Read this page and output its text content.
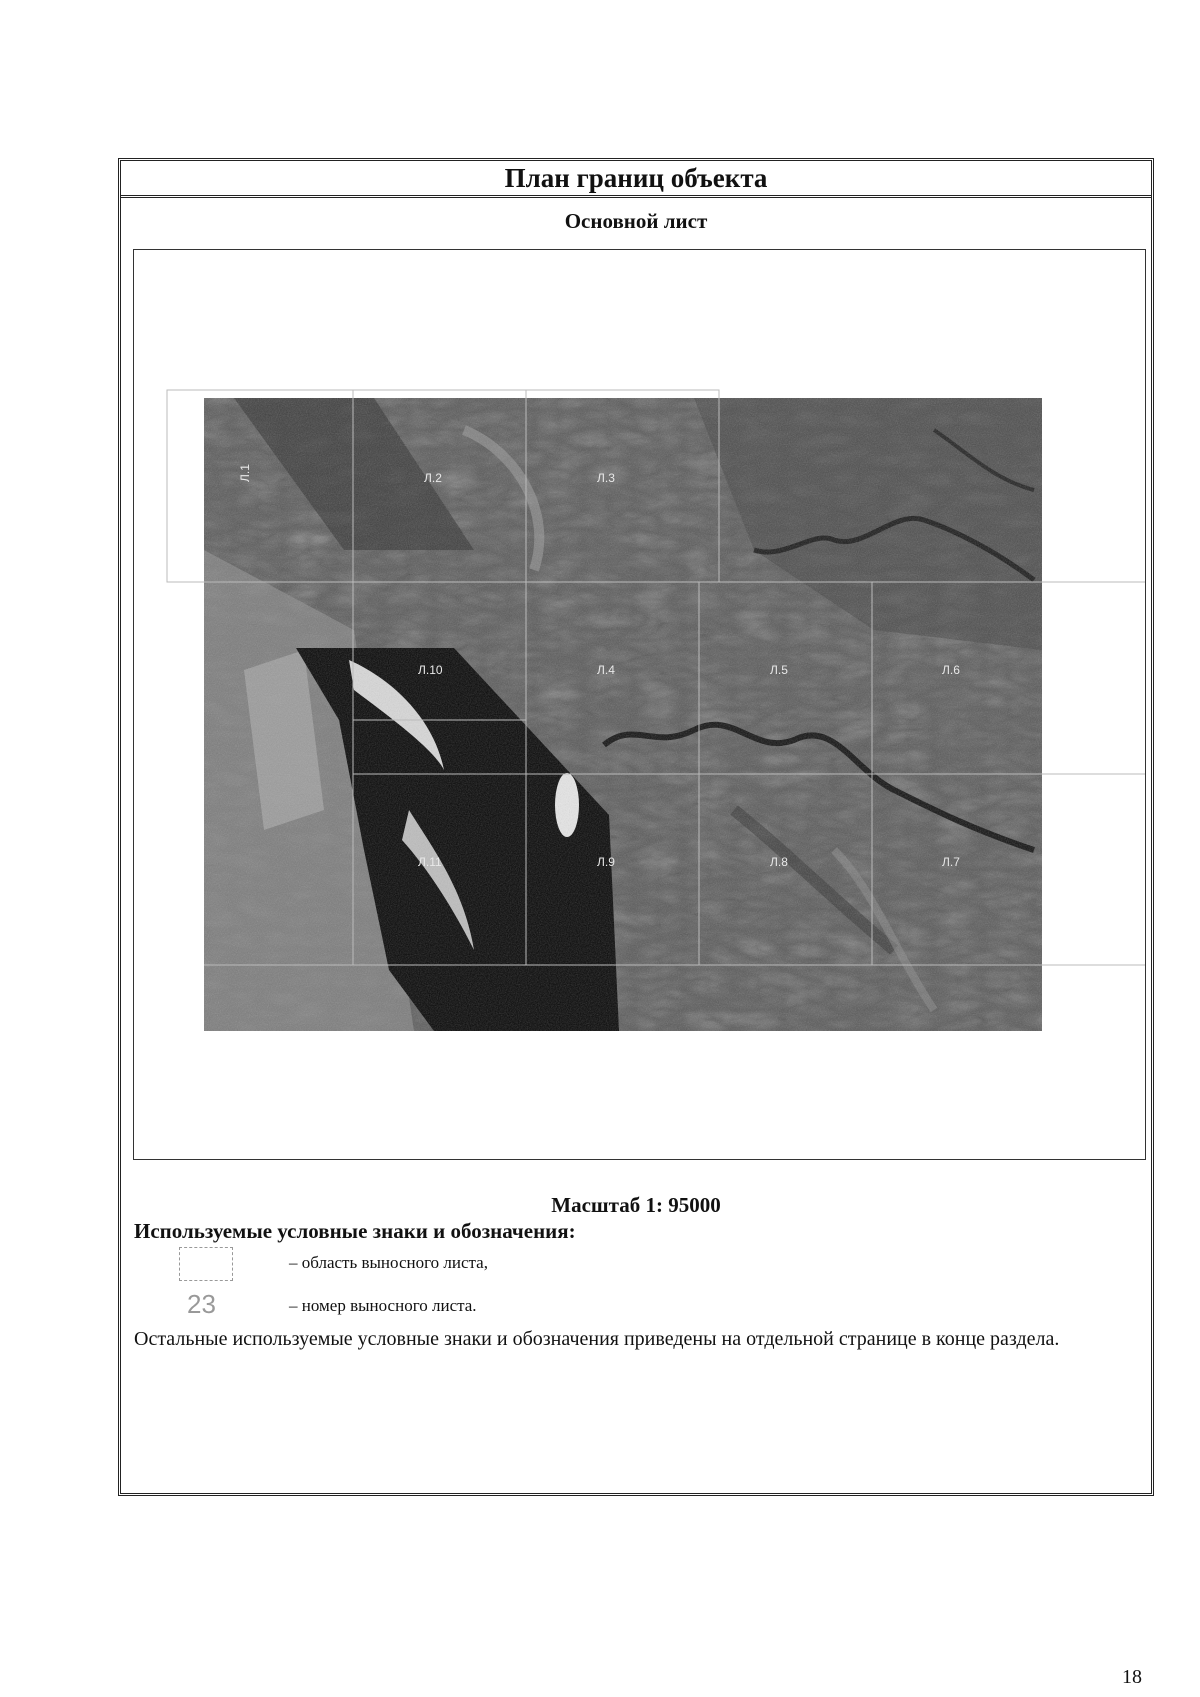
План границ объекта
Основной лист
Л.1	Л.2	Л.3
Л.10	Л.4	Л.5	Л.6
Л.11	Л.9	Л.8	Л.7
Масштаб 1: 95000
Используемые условные знаки и обозначения:
– область выносного листа,
23	– номер выносного листа.
Остальные используемые условные знаки и обозначения приведены на отдельной странице в конце раздела.
18
